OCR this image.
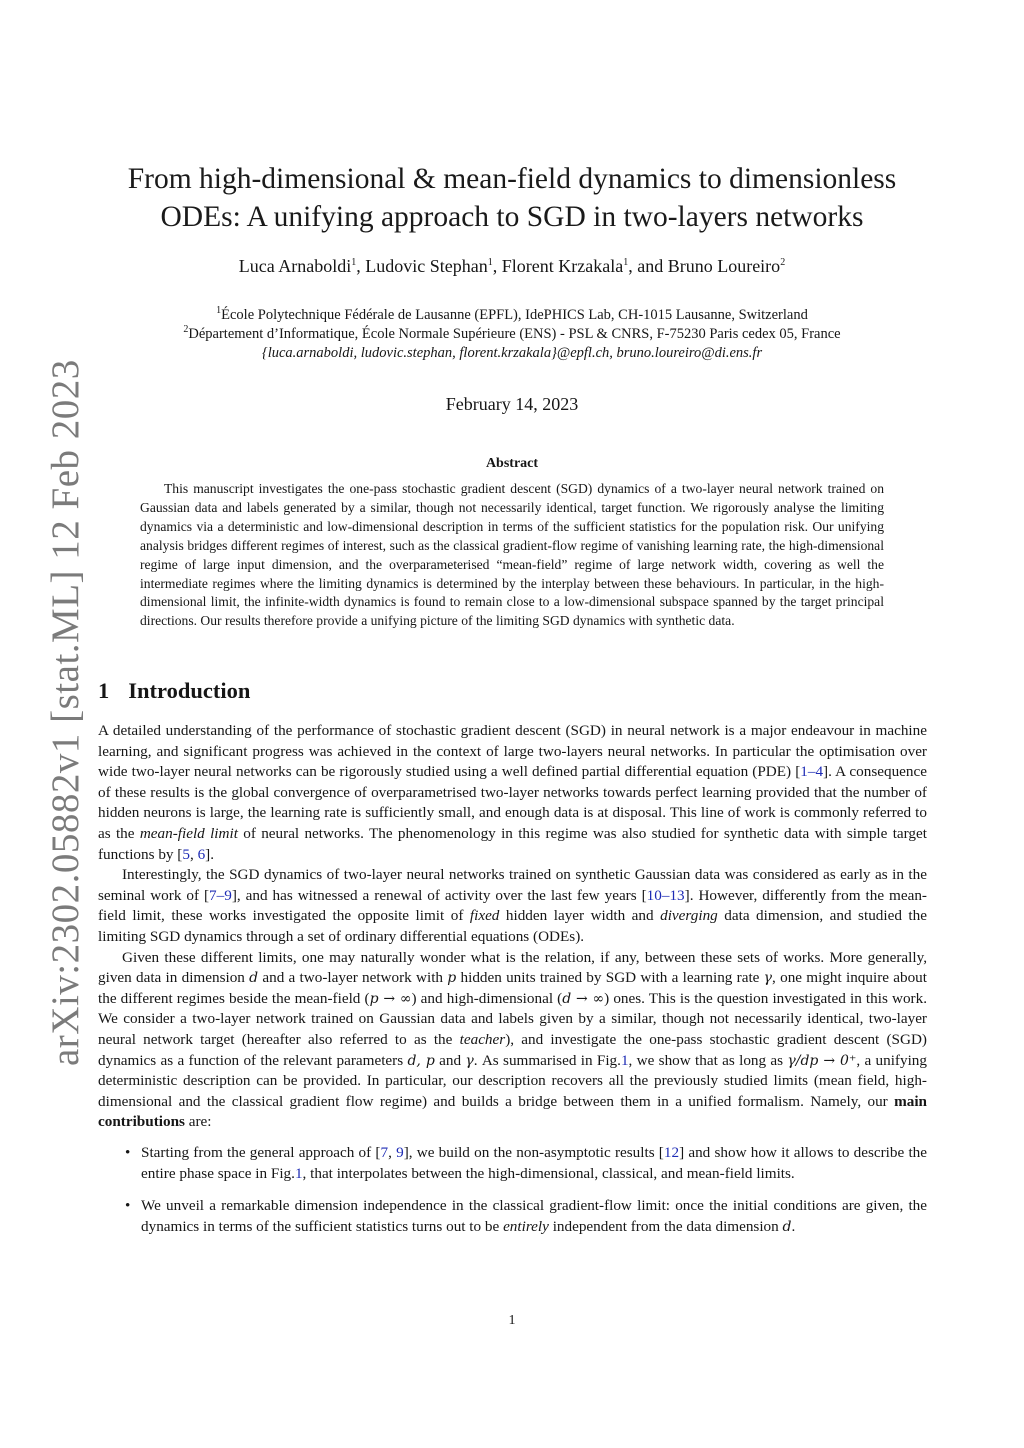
arXiv:2302.05882v1 [stat.ML] 12 Feb 2023
From high-dimensional & mean-field dynamics to dimensionless
ODEs: A unifying approach to SGD in two-layers networks
Luca Arnaboldi$^1$, Ludovic Stephan$^1$, Florent Krzakala$^1$, and Bruno Loureiro$^2$
$^1$École Polytechnique Fédérale de Lausanne (EPFL), IdePHICS Lab, CH-1015 Lausanne, Switzerland
$^2$Département d’Informatique, École Normale Supérieure (ENS) - PSL & CNRS, F-75230 Paris cedex 05, France
{luca.arnaboldi, ludovic.stephan, florent.krzakala}@epfl.ch, bruno.loureiro@di.ens.fr
February 14, 2023
Abstract
This manuscript investigates the one-pass stochastic gradient descent (SGD) dynamics of a two-layer neural network trained on Gaussian data and labels generated by a similar, though not necessarily identical, target function. We rigorously analyse the limiting dynamics via a deterministic and low-dimensional description in terms of the sufficient statistics for the population risk. Our unifying analysis bridges different regimes of interest, such as the classical gradient-flow regime of vanishing learning rate, the high-dimensional regime of large input dimension, and the overparameterised “mean-field” regime of large network width, covering as well the intermediate regimes where the limiting dynamics is determined by the interplay between these behaviours. In particular, in the high-dimensional limit, the infinite-width dynamics is found to remain close to a low-dimensional subspace spanned by the target principal directions. Our results therefore provide a unifying picture of the limiting SGD dynamics with synthetic data.
1 Introduction

A detailed understanding of the performance of stochastic gradient descent (SGD) in neural network is a major endeavour in machine learning, and significant progress was achieved in the context of large two-layers neural networks. In particular the optimisation over wide two-layer neural networks can be rigorously studied using a well defined partial differential equation (PDE) [1–4]. A consequence of these results is the global convergence of overparametrised two-layer networks towards perfect learning provided that the number of hidden neurons is large, the learning rate is sufficiently small, and enough data is at disposal. This line of work is commonly referred to as the mean-field limit of neural networks. The phenomenology in this regime was also studied for synthetic data with simple target functions by [5, 6].

Interestingly, the SGD dynamics of two-layer neural networks trained on synthetic Gaussian data was considered as early as in the seminal work of [7–9], and has witnessed a renewal of activity over the last few years [10–13]. However, differently from the mean-field limit, these works investigated the opposite limit of fixed hidden layer width and diverging data dimension, and studied the limiting SGD dynamics through a set of ordinary differential equations (ODEs).

Given these different limits, one may naturally wonder what is the relation, if any, between these sets of works. More generally, given data in dimension d and a two-layer network with p hidden units trained by SGD with a learning rate γ, one might inquire about the different regimes beside the mean-field (p → ∞) and high-dimensional (d → ∞) ones. This is the question investigated in this work. We consider a two-layer network trained on Gaussian data and labels given by a similar, though not necessarily identical, two-layer neural network target (hereafter also referred to as the teacher), and investigate the one-pass stochastic gradient descent (SGD) dynamics as a function of the relevant parameters d, p and γ. As summarised in Fig.1, we show that as long as γ/dp → 0⁺, a unifying deterministic description can be provided. In particular, our description recovers all the previously studied limits (mean field, high-dimensional and the classical gradient flow regime) and builds a bridge between them in a unified formalism. Namely, our main contributions are:

• Starting from the general approach of [7, 9], we build on the non-asymptotic results [12] and show how it allows to describe the entire phase space in Fig.1, that interpolates between the high-dimensional, classical, and mean-field limits.
• We unveil a remarkable dimension independence in the classical gradient-flow limit: once the initial conditions are given, the dynamics in terms of the sufficient statistics turns out to be entirely independent from the data dimension d.
1
